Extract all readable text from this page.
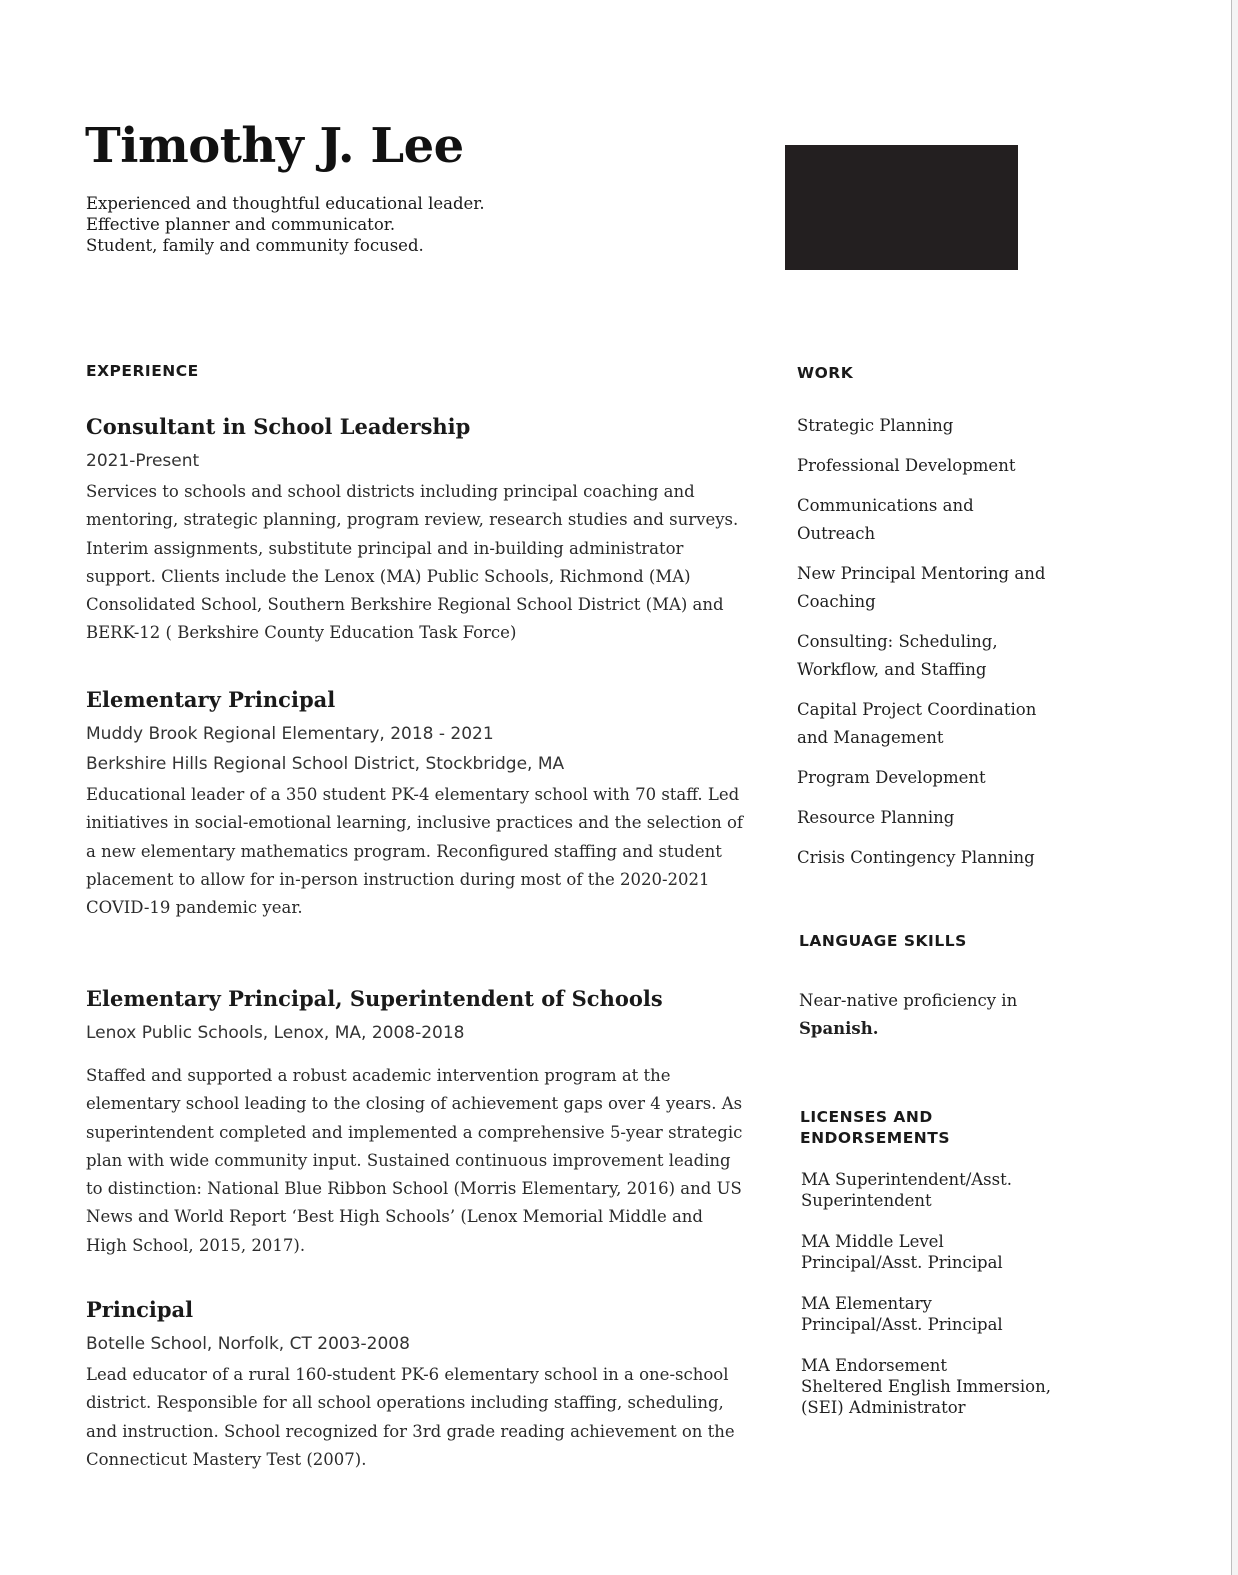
Timothy J. Lee
Experienced and thoughtful educational leader.
Effective planner and communicator.
Student, family and community focused.
EXPERIENCE
Consultant in School Leadership
2021-Present
Services to schools and school districts including principal coaching and mentoring, strategic planning, program review, research studies and surveys. Interim assignments, substitute principal and in-building administrator support. Clients include the Lenox (MA) Public Schools, Richmond (MA) Consolidated School, Southern Berkshire Regional School District (MA) and BERK-12 ( Berkshire County Education Task Force)
Elementary Principal
Muddy Brook Regional Elementary, 2018 - 2021
Berkshire Hills Regional School District, Stockbridge, MA
Educational leader of a 350 student PK-4 elementary school with 70 staff. Led initiatives in social-emotional learning, inclusive practices and the selection of a new elementary mathematics program. Reconfigured staffing and student placement to allow for in-person instruction during most of the 2020-2021 COVID-19 pandemic year.
Elementary Principal, Superintendent of Schools
Lenox Public Schools, Lenox, MA, 2008-2018
Staffed and supported a robust academic intervention program at the elementary school leading to the closing of achievement gaps over 4 years. As superintendent completed and implemented a comprehensive 5-year strategic plan with wide community input. Sustained continuous improvement leading to distinction: National Blue Ribbon School (Morris Elementary, 2016) and US News and World Report ‘Best High Schools’ (Lenox Memorial Middle and High School, 2015, 2017).
Principal
Botelle School, Norfolk, CT 2003-2008
Lead educator of a rural 160-student PK-6 elementary school in a one-school district. Responsible for all school operations including staffing, scheduling, and instruction. School recognized for 3rd grade reading achievement on the Connecticut Mastery Test (2007).
WORK
Strategic Planning
Professional Development
Communications and Outreach
New Principal Mentoring and Coaching
Consulting: Scheduling, Workflow, and Staffing
Capital Project Coordination and Management
Program Development
Resource Planning
Crisis Contingency Planning
LANGUAGE SKILLS
Near-native proficiency in
Spanish.
LICENSES AND ENDORSEMENTS
MA Superintendent/Asst.
Superintendent
MA Middle Level
Principal/Asst. Principal
MA Elementary
Principal/Asst. Principal
MA Endorsement
Sheltered English Immersion,
(SEI) Administrator
